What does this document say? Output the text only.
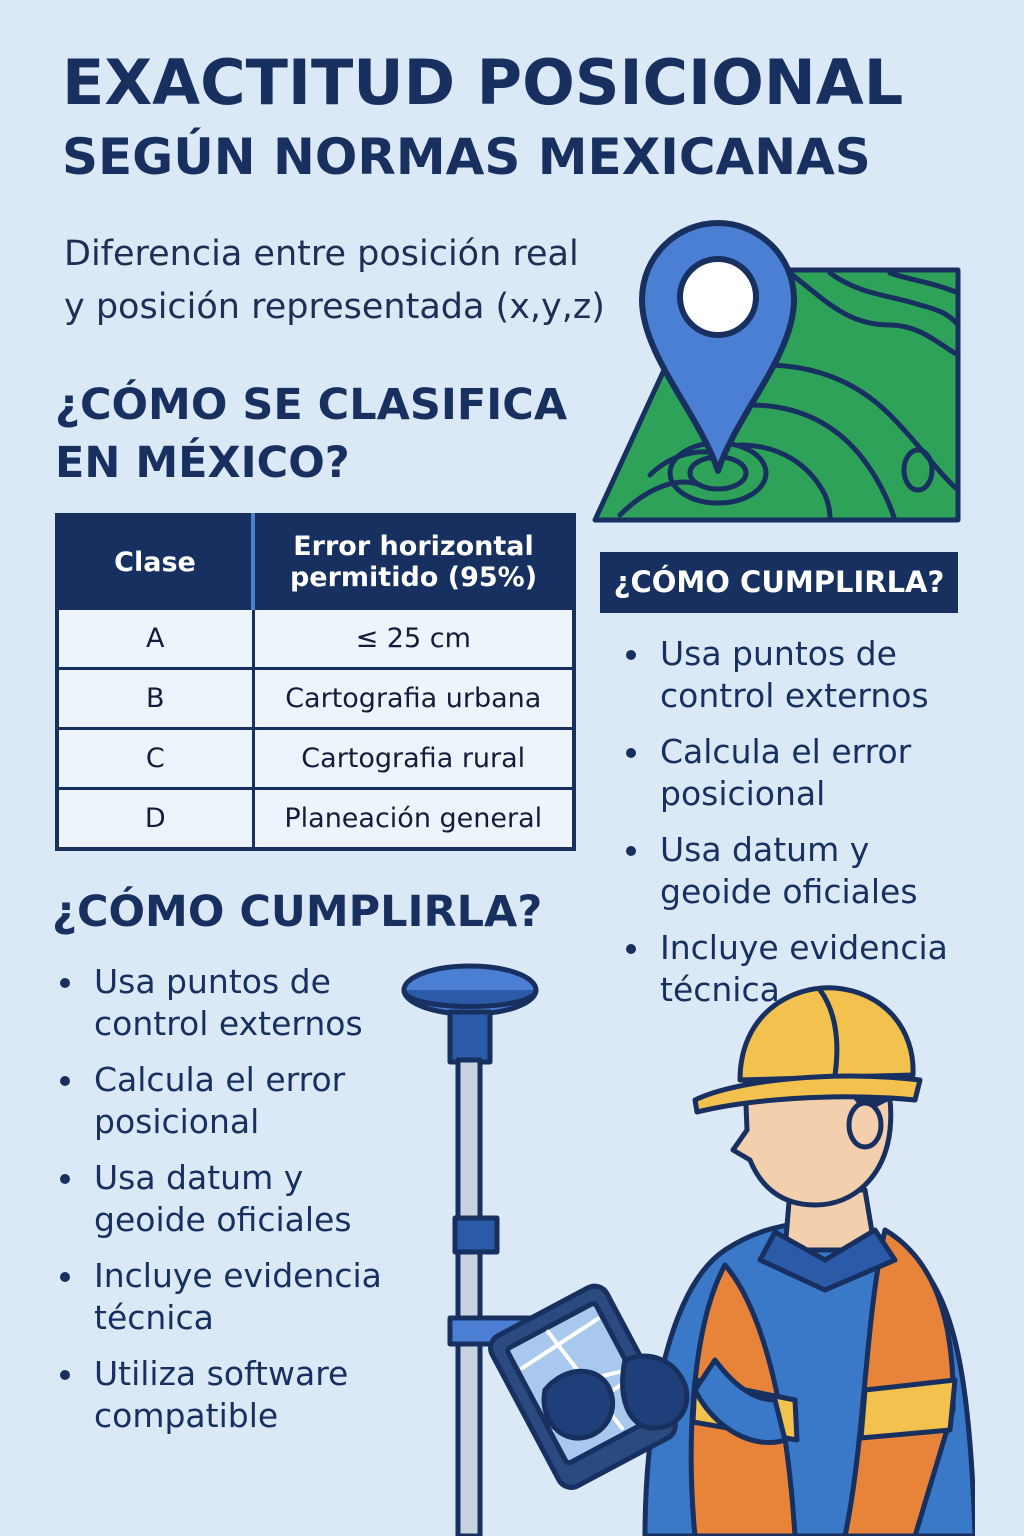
EXACTITUD POSICIONAL
SEGÚN NORMAS MEXICANAS
Diferencia entre posición real
y posición representada (x,y,z)
¿CÓMO SE CLASIFICA
EN MÉXICO?
Clase	Error horizontal permitido (95%)
A	≤ 25 cm
B	Cartografia urbana
C	Cartografia rural
D	Planeación general
¿CÓMO CUMPLIRLA?
Usa puntos de control externos
Calcula el error posicional
Usa datum y geoide oficiales
Incluye evidencia técnica
¿CÓMO CUMPLIRLA?
Usa puntos de control externos
Calcula el error posicional
Usa datum y geoide oficiales
Incluye evidencia técnica
Utiliza software compatible
